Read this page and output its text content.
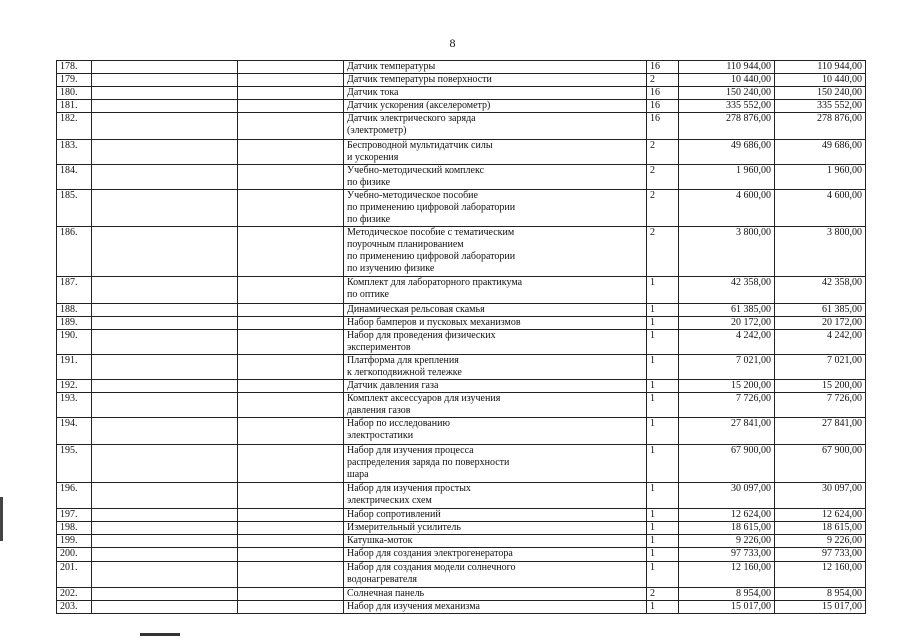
8
178.			Датчик температуры	16	110 944,00	110 944,00
179.			Датчик температуры поверхности	2	10 440,00	10 440,00
180.			Датчик тока	16	150 240,00	150 240,00
181.			Датчик ускорения (акселерометр)	16	335 552,00	335 552,00
182.			Датчик электрического заряда
(электрометр)	16	278 876,00	278 876,00
183.			Беспроводной мультидатчик силы
и ускорения	2	49 686,00	49 686,00
184.			Учебно-методический комплекс
по физике	2	1 960,00	1 960,00
185.			Учебно-методическое пособие
по применению цифровой лаборатории
по физике	2	4 600,00	4 600,00
186.			Методическое пособие с тематическим
поурочным планированием
по применению цифровой лаборатории
по изучению физике	2	3 800,00	3 800,00
187.			Комплект для лабораторного практикума
по оптике	1	42 358,00	42 358,00
188.			Динамическая рельсовая скамья	1	61 385,00	61 385,00
189.			Набор бамперов и пусковых механизмов	1	20 172,00	20 172,00
190.			Набор для проведения физических
экспериментов	1	4 242,00	4 242,00
191.			Платформа для крепления
к легкоподвижной тележке	1	7 021,00	7 021,00
192.			Датчик давления газа	1	15 200,00	15 200,00
193.			Комплект аксессуаров для изучения
давления газов	1	7 726,00	7 726,00
194.			Набор по исследованию
электростатики	1	27 841,00	27 841,00
195.			Набор для изучения процесса
распределения заряда по поверхности
шара	1	67 900,00	67 900,00
196.			Набор для изучения простых
электрических схем	1	30 097,00	30 097,00
197.			Набор сопротивлений	1	12 624,00	12 624,00
198.			Измерительный усилитель	1	18 615,00	18 615,00
199.			Катушка-моток	1	9 226,00	9 226,00
200.			Набор для создания электрогенератора	1	97 733,00	97 733,00
201.			Набор для создания модели солнечного
водонагревателя	1	12 160,00	12 160,00
202.			Солнечная панель	2	8 954,00	8 954,00
203.			Набор для изучения механизма	1	15 017,00	15 017,00
